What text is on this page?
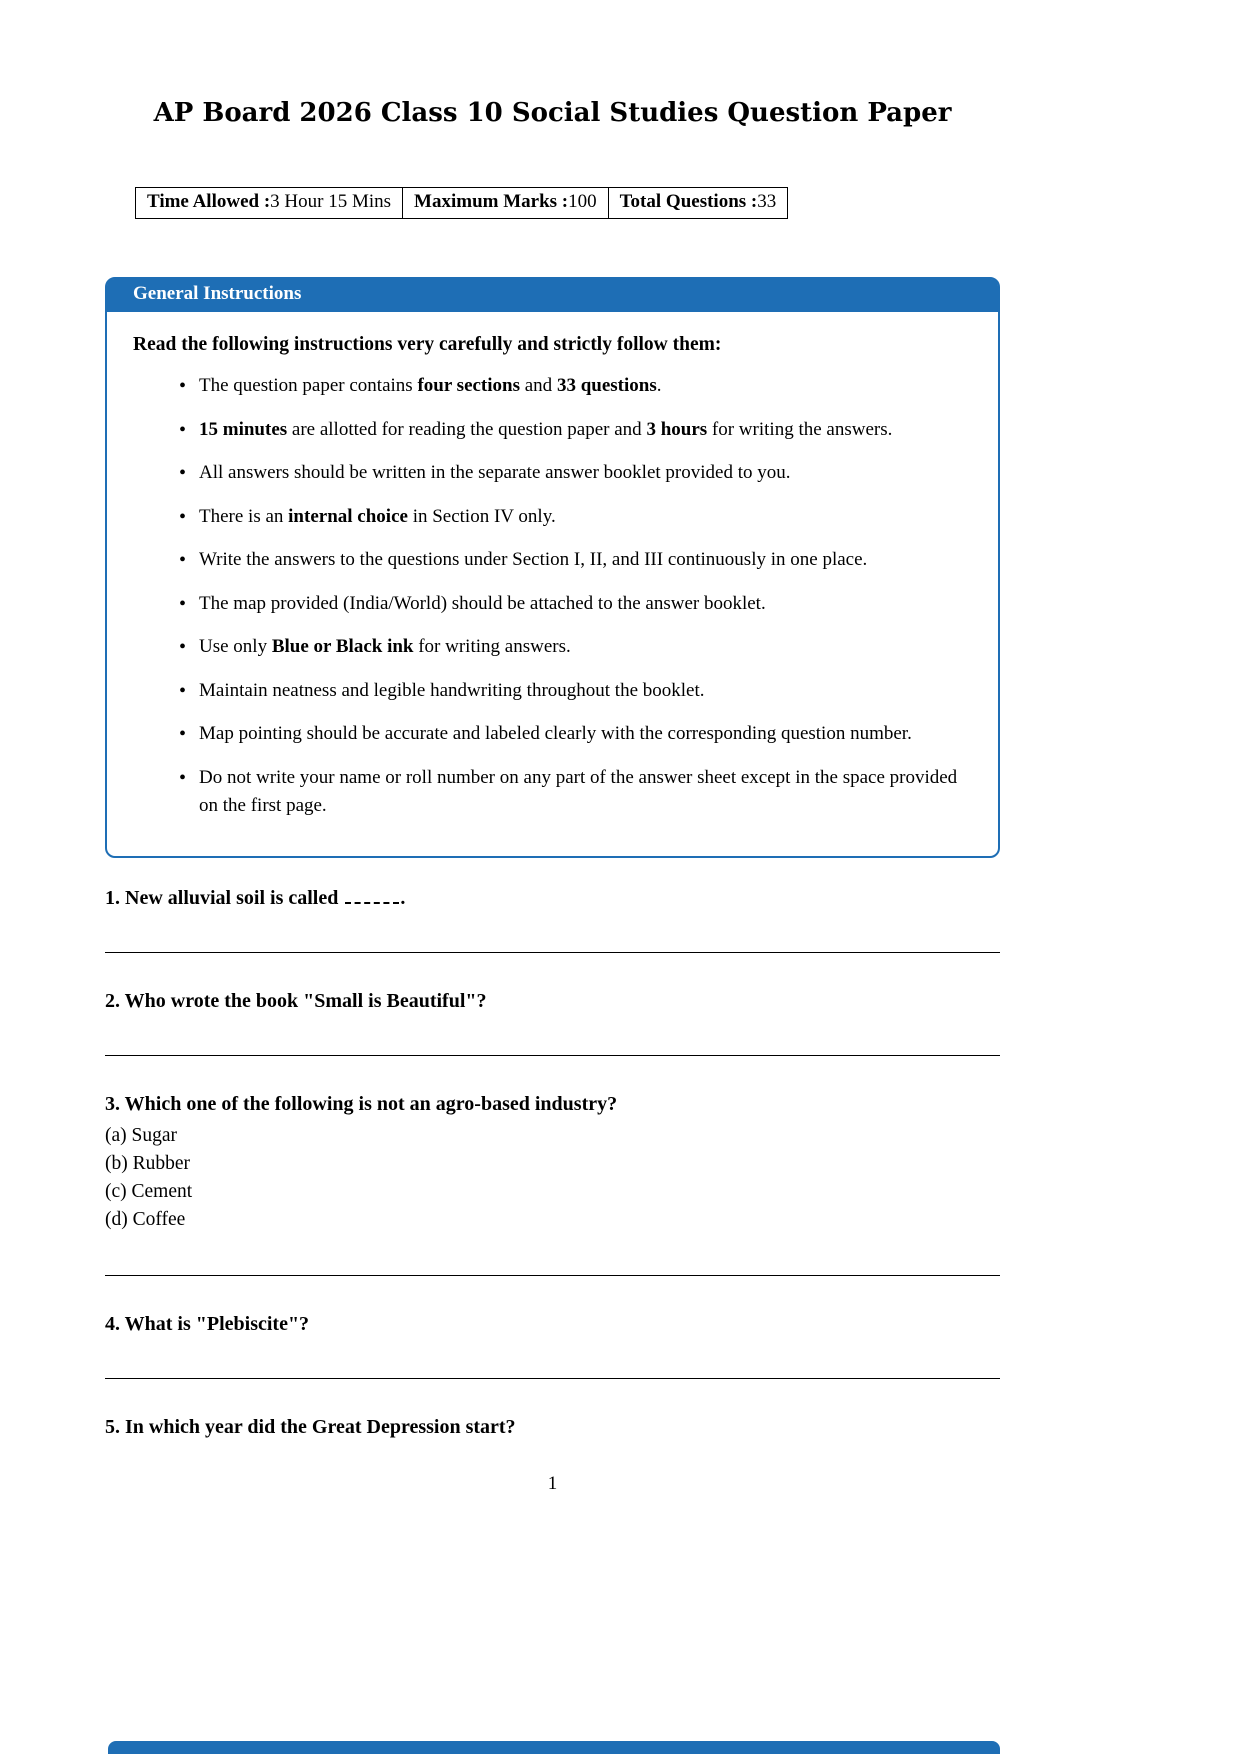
AP Board 2026 Class 10 Social Studies Question Paper
Time Allowed :3 Hour 15 Mins	Maximum Marks :100	Total Questions :33
General Instructions

Read the following instructions very carefully and strictly follow them:

• The question paper contains four sections and 33 questions.
• 15 minutes are allotted for reading the question paper and 3 hours for writing the answers.
• All answers should be written in the separate answer booklet provided to you.
• There is an internal choice in Section IV only.
• Write the answers to the questions under Section I, II, and III continuously in one place.
• The map provided (India/World) should be attached to the answer booklet.
• Use only Blue or Black ink for writing answers.
• Maintain neatness and legible handwriting throughout the booklet.
• Map pointing should be accurate and labeled clearly with the corresponding question number.
• Do not write your name or roll number on any part of the answer sheet except in the space provided on the first page.

1. New alluvial soil is called	.

2. Who wrote the book "Small is Beautiful"?

3. Which one of the following is not an agro-based industry?

(a) Sugar
(b) Rubber
(c) Cement
(d) Coffee

4. What is "Plebiscite"?

5. In which year did the Great Depression start?

1
